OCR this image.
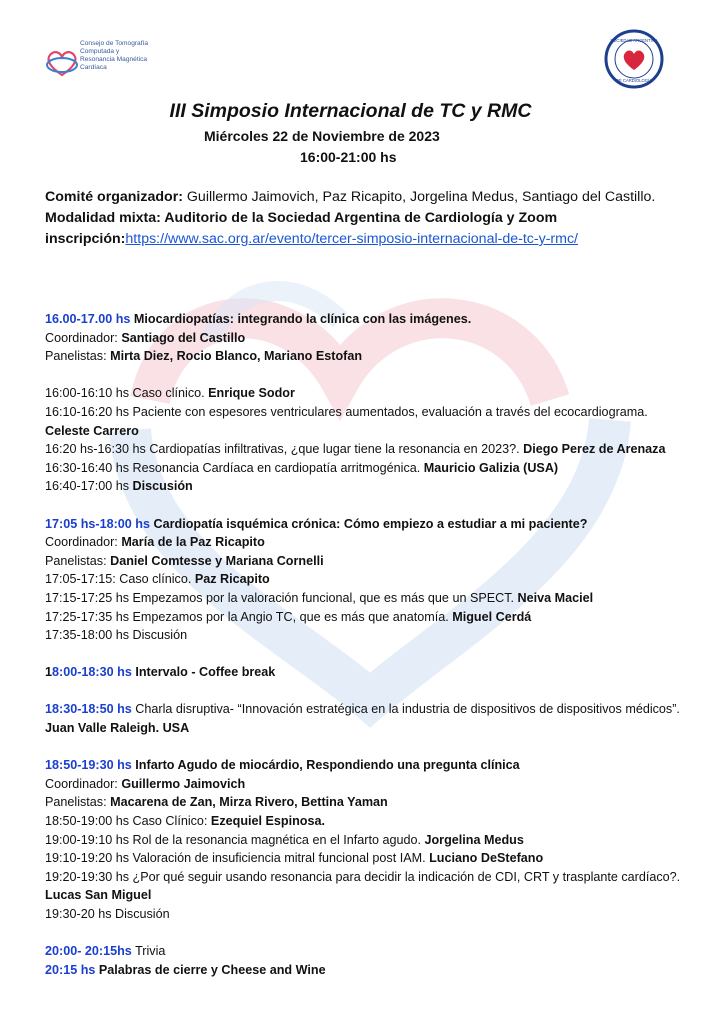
Consejo de Tomografía Computada y Resonancia Magnética Cardíaca
SOCIEDAD ARGENTINA
DE CARDIOLOGÍA
III Simposio Internacional de TC y RMC
Miércoles 22 de Noviembre de 2023
16:00-21:00 hs
Comité organizador: Guillermo Jaimovich, Paz Ricapito, Jorgelina Medus, Santiago del Castillo.
Modalidad mixta: Auditorio de la Sociedad Argentina de Cardiología y Zoom
inscripción:https://www.sac.org.ar/evento/tercer-simposio-internacional-de-tc-y-rmc/

16.00-17.00 hs Miocardiopatías: integrando la clínica con las imágenes.

Coordinador: Santiago del Castillo

Panelistas: Mirta Diez, Rocio Blanco, Mariano Estofan

16:00-16:10 hs Caso clínico. Enrique Sodor

16:10-16:20 hs Paciente con espesores ventriculares aumentados, evaluación a través del ecocardiograma. Celeste Carrero

16:20 hs-16:30 hs Cardiopatías infiltrativas, ¿que lugar tiene la resonancia en 2023?. Diego Perez de Arenaza

16:30-16:40 hs Resonancia Cardíaca en cardiopatía arritmogénica. Mauricio Galizia (USA)

16:40-17:00 hs Discusión

17:05 hs-18:00 hs Cardiopatía isquémica crónica: Cómo empiezo a estudiar a mi paciente?

Coordinador: María de la Paz Ricapito

Panelistas: Daniel Comtesse y Mariana Cornelli

17:05-17:15: Caso clínico. Paz Ricapito

17:15-17:25 hs Empezamos por la valoración funcional, que es más que un SPECT. Neiva Maciel

17:25-17:35 hs Empezamos por la Angio TC, que es más que anatomía. Miguel Cerdá

17:35-18:00 hs Discusión

18:00-18:30 hs Intervalo - Coffee break

18:30-18:50 hs Charla disruptiva- “Innovación estratégica en la industria de dispositivos de dispositivos médicos”. Juan Valle Raleigh. USA

18:50-19:30 hs Infarto Agudo de miocárdio, Respondiendo una pregunta clínica

Coordinador: Guillermo Jaimovich

Panelistas: Macarena de Zan, Mirza Rivero, Bettina Yaman

18:50-19:00 hs Caso Clínico: Ezequiel Espinosa.

19:00-19:10 hs Rol de la resonancia magnética en el Infarto agudo. Jorgelina Medus

19:10-19:20 hs Valoración de insuficiencia mitral funcional post IAM. Luciano DeStefano

19:20-19:30 hs ¿Por qué seguir usando resonancia para decidir la indicación de CDI, CRT y trasplante cardíaco?. Lucas San Miguel

19:30-20 hs Discusión

20:00- 20:15hs Trivia

20:15 hs Palabras de cierre y Cheese and Wine
